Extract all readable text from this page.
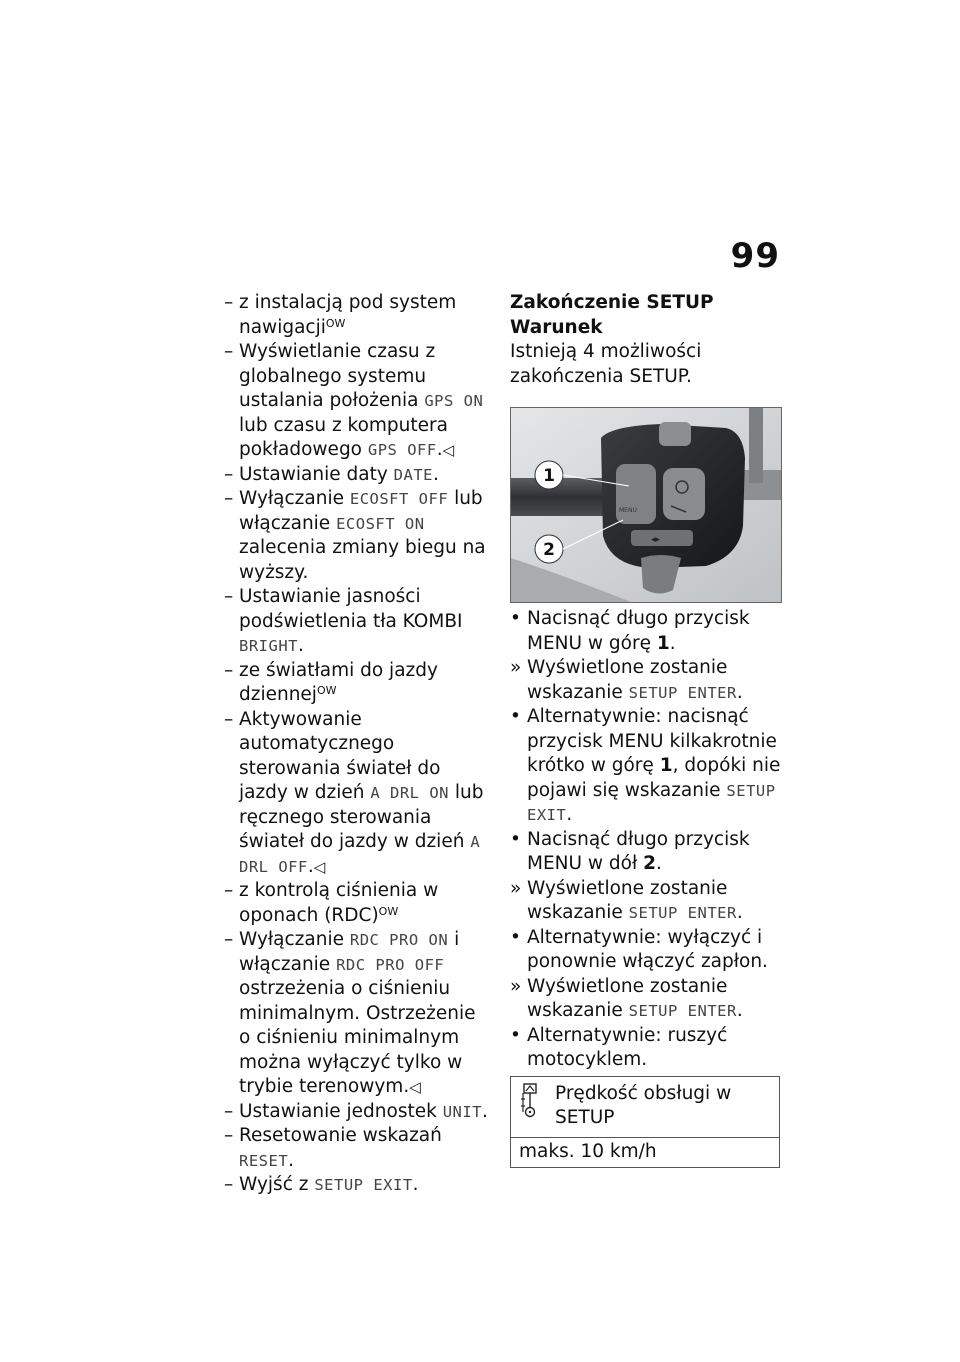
99
– z instalacją pod system nawigacji$^{OW}$
– Wyświetlanie czasu z globalnego systemu ustalania położenia GPS ON lub czasu z komputera pokładowego GPS OFF.◁
– Ustawianie daty DATE.
– Wyłączanie ECOSFT OFF lub włączanie ECOSFT ON zalecenia zmiany biegu na wyższy.
– Ustawianie jasności podświetlenia tła KOMBI BRIGHT.
– ze światłami do jazdy dziennej$^{OW}$
– Aktywowanie automatycznego sterowania świateł do jazdy w dzień A DRL ON lub ręcznego sterowania świateł do jazdy w dzień A DRL OFF.◁
– z kontrolą ciśnienia w oponach (RDC)$^{OW}$
– Wyłączanie RDC PRO ON i włączanie RDC PRO OFF ostrzeżenia o ciśnieniu minimalnym. Ostrzeżenie o ciśnieniu minimalnym można wyłączyć tylko w trybie terenowym.◁
– Ustawianie jednostek UNIT.
– Resetowanie wskazań RESET.
– Wyjść z SETUP EXIT.
Zakończenie SETUP
Warunek
Istnieją 4 możliwości zakończenia SETUP.
MENU
◂▸
1
2
• Nacisnąć długo przycisk MENU w górę 1.
» Wyświetlone zostanie wskazanie SETUP ENTER.
• Alternatywnie: nacisnąć przycisk MENU kilkakrotnie krótko w górę 1, dopóki nie pojawi się wskazanie SETUP EXIT.
• Nacisnąć długo przycisk MENU w dół 2.
» Wyświetlone zostanie wskazanie SETUP ENTER.
• Alternatywnie: wyłączyć i ponownie włączyć zapłon.
» Wyświetlone zostanie wskazanie SETUP ENTER.
• Alternatywnie: ruszyć motocyklem.
Prędkość obsługi w SETUP
maks. 10 km/h
